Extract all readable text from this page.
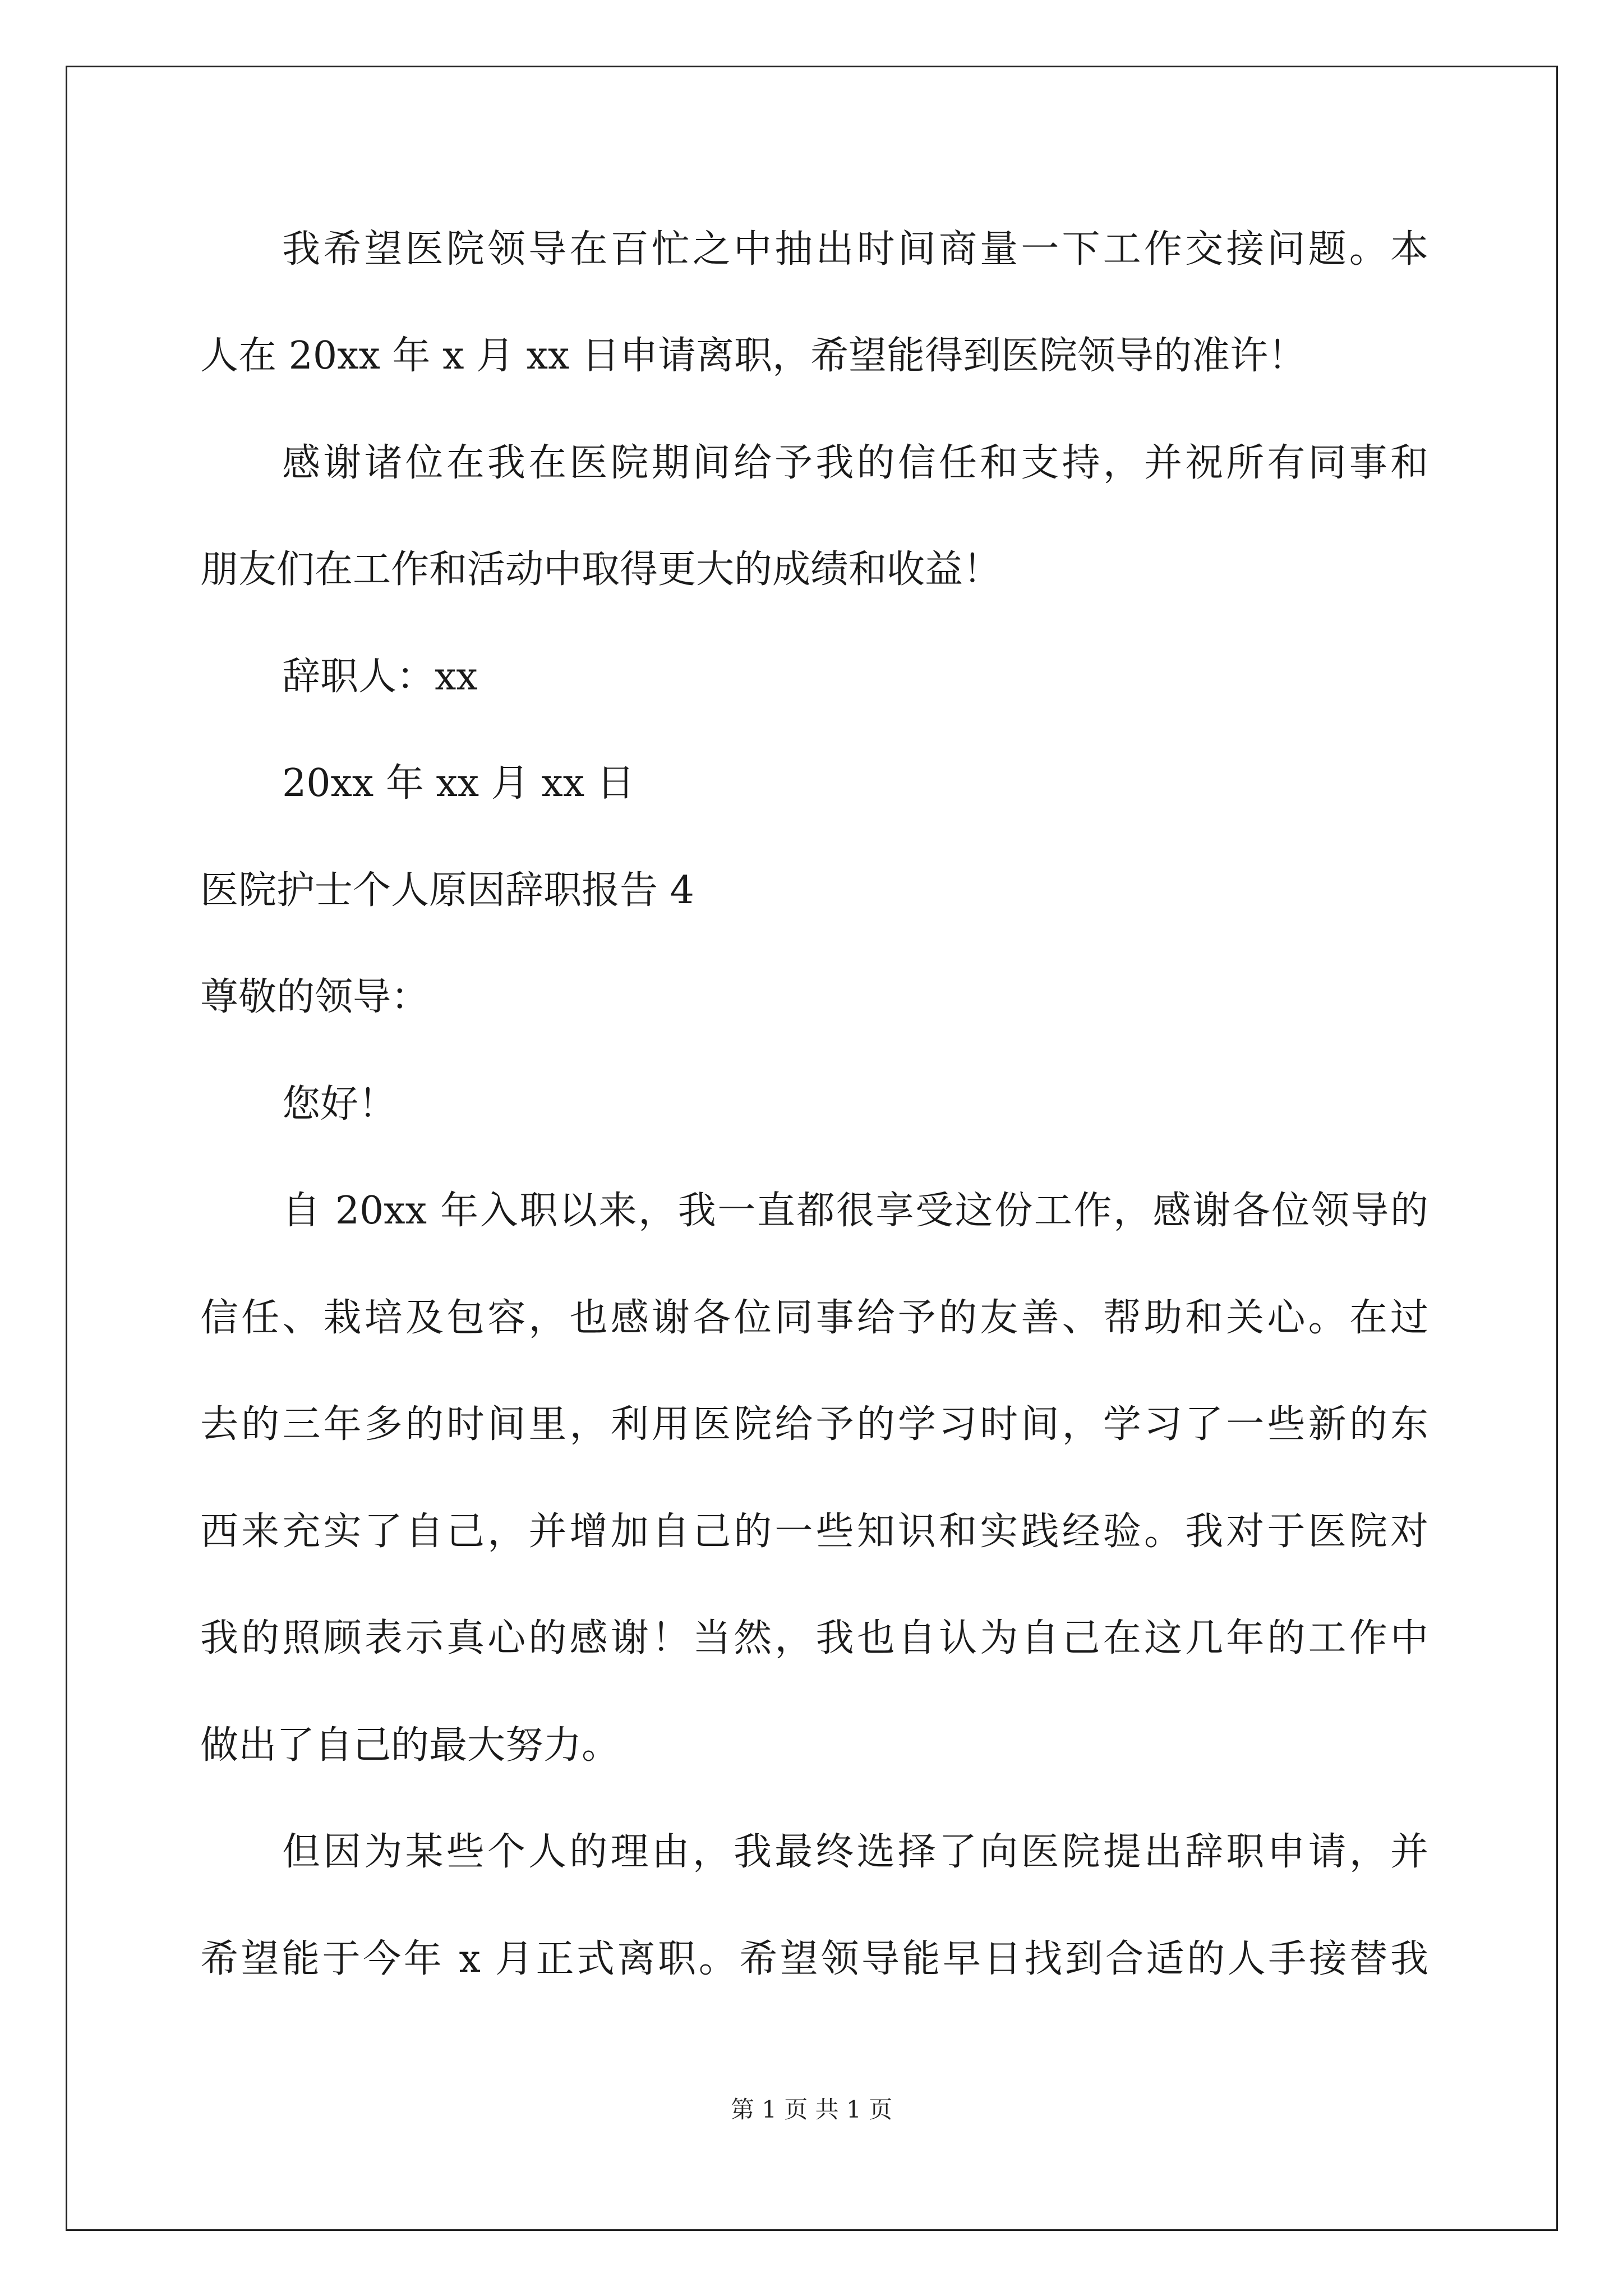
我希望医院领导在百忙之中抽出时间商量一下工作交接问题。本
人在 20xx 年 x 月 xx 日申请离职，希望能得到医院领导的准许！
感谢诸位在我在医院期间给予我的信任和支持，并祝所有同事和
朋友们在工作和活动中取得更大的成绩和收益！
辞职人：xx
20xx 年 xx 月 xx 日
医院护士个人原因辞职报告 4
尊敬的领导：
您好！
自 20xx 年入职以来，我一直都很享受这份工作，感谢各位领导的
信任、栽培及包容，也感谢各位同事给予的友善、帮助和关心。在过
去的三年多的时间里，利用医院给予的学习时间，学习了一些新的东
西来充实了自己，并增加自己的一些知识和实践经验。我对于医院对
我的照顾表示真心的感谢！当然，我也自认为自己在这几年的工作中
做出了自己的最大努力。
但因为某些个人的理由，我最终选择了向医院提出辞职申请，并
希望能于今年 x 月正式离职。希望领导能早日找到合适的人手接替我
第 1 页 共 1 页
